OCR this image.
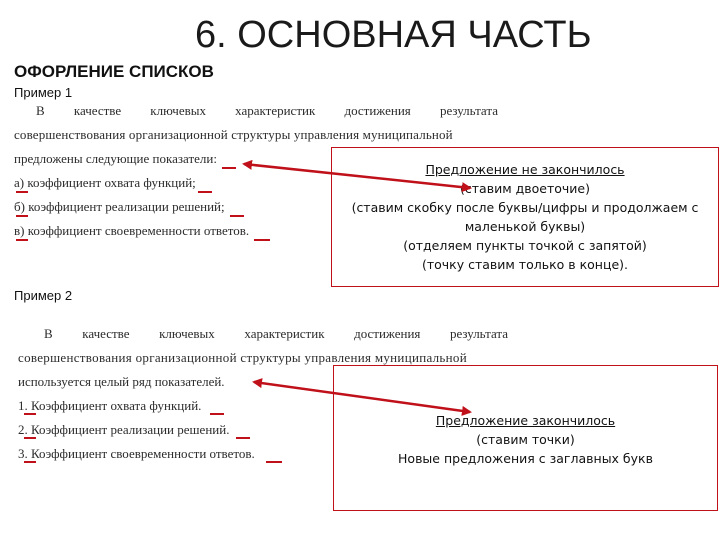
6. ОСНОВНАЯ ЧАСТЬ
ОФОРЛЕНИЕ СПИСКОВ
Пример 1
В качестве ключевых характеристик достижения результата
совершенствования организационной структуры управления муниципальной
предложены следующие показатели:
а) коэффициент охвата функций;
б) коэффициент реализации решений;
в) коэффициент своевременности ответов.
Предложение не закончилось
(ставим двоеточие)
(ставим скобку после буквы/цифры и продолжаем с
маленькой буквы)
(отделяем пункты точкой с запятой)
(точку ставим только в конце).
Пример 2
В качестве ключевых характеристик достижения результата
совершенствования организационной структуры управления муниципальной
используется целый ряд показателей.
1. Коэффициент охвата функций.
2. Коэффициент реализации решений.
3. Коэффициент своевременности ответов.
Предложение закончилось
(ставим точки)
Новые предложения с заглавных букв
